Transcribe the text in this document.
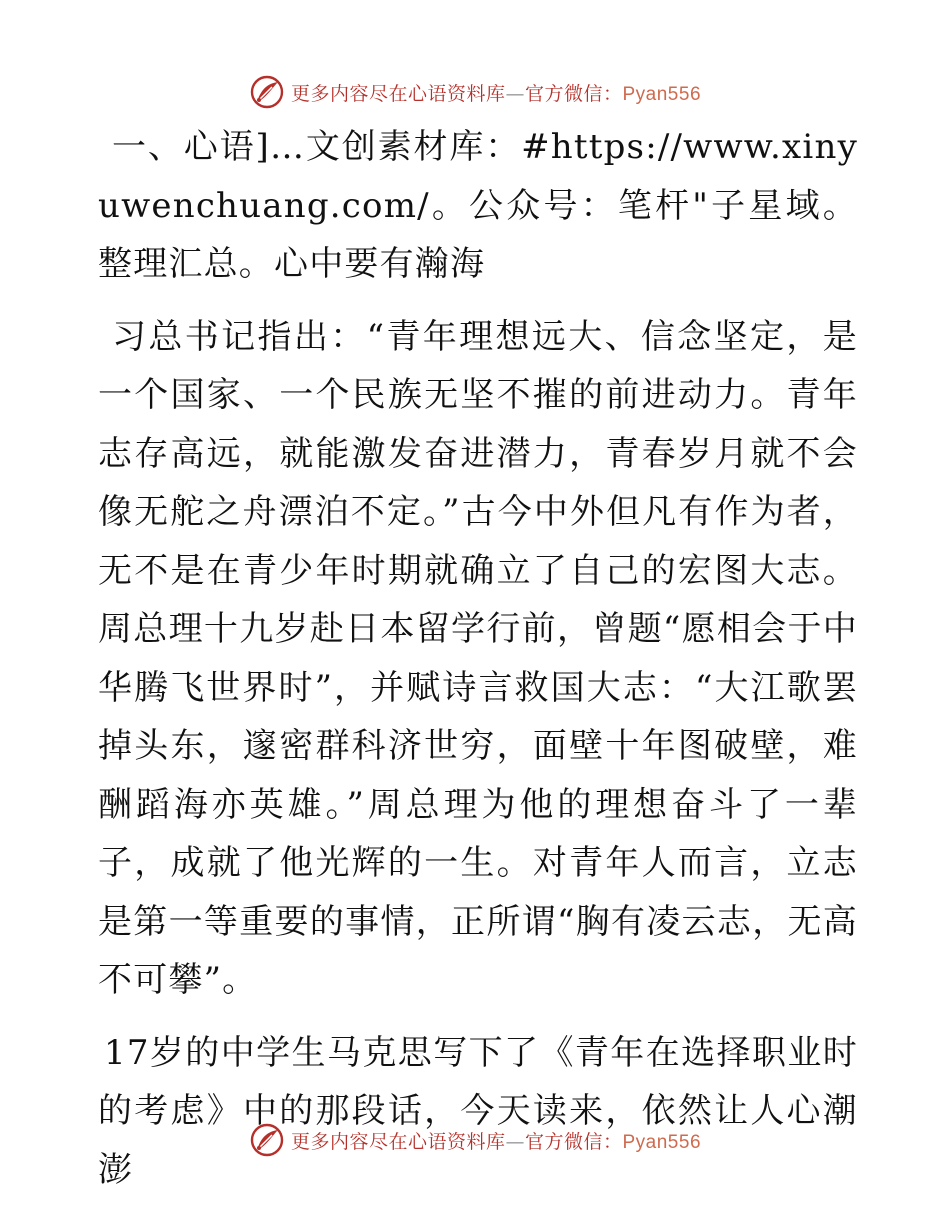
更多内容尽在心语资料库—官方微信：Pyan556

一、心语]…文创素材库：#https://www.xinyuwenchuang.com/。公众号：笔杆"子星域。整理汇总。心中要有瀚海

习总书记指出：“青年理想远大、信念坚定，是一个国家、一个民族无坚不摧的前进动力。青年志存高远，就能激发奋进潜力，青春岁月就不会像无舵之舟漂泊不定。”古今中外但凡有作为者，无不是在青少年时期就确立了自己的宏图大志。周总理十九岁赴日本留学行前，曾题“愿相会于中华腾飞世界时”，并赋诗言救国大志：“大江歌罢掉头东，邃密群科济世穷，面壁十年图破壁，难酬蹈海亦英雄。”周总理为他的理想奋斗了一辈子，成就了他光辉的一生。对青年人而言，立志是第一等重要的事情，正所谓“胸有凌云志，无高不可攀”。

17岁的中学生马克思写下了《青年在选择职业时的考虑》中的那段话，今天读来，依然让人心潮澎

更多内容尽在心语资料库—官方微信：Pyan556
